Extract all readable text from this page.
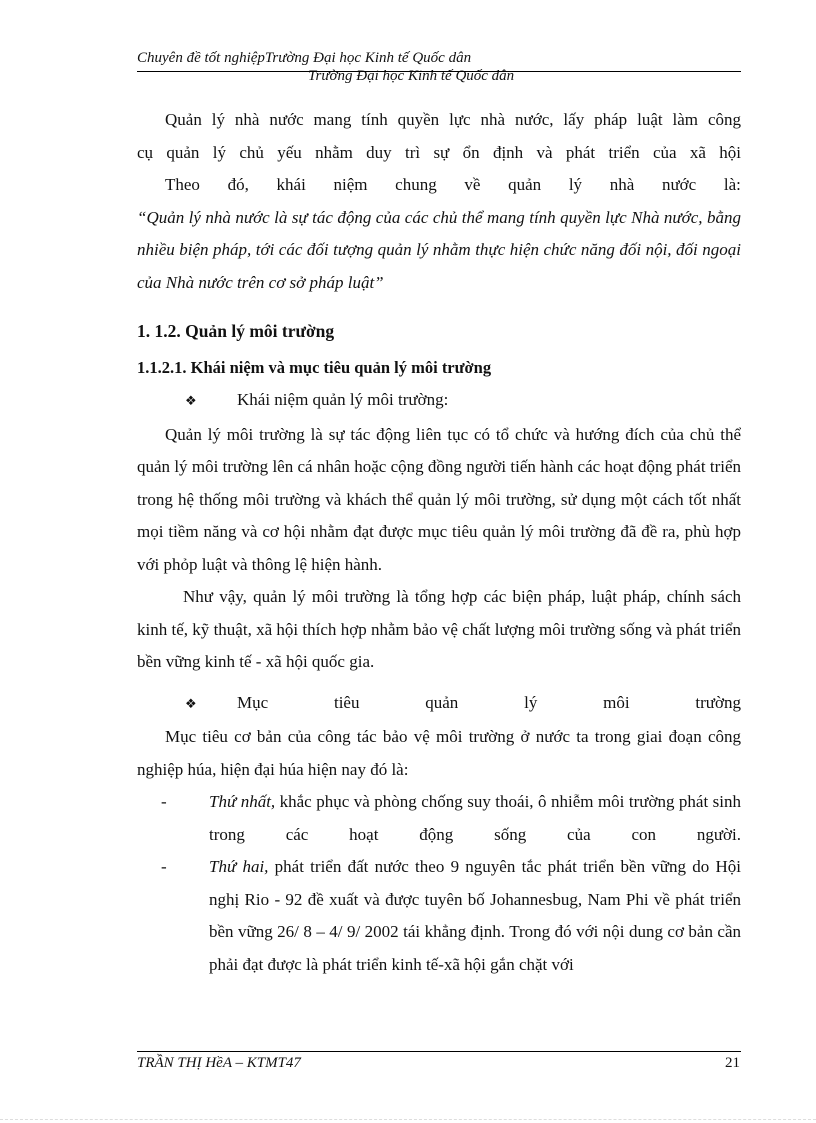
Chuyên đề tốt nghiệpTrường Đại học Kinh tế Quốc dân
Trường Đại học Kinh tế Quốc dân

Quản lý nhà nước mang tính quyền lực nhà nước, lấy pháp luật làm công

cụ quản lý chủ yếu nhằm duy trì sự ổn định và phát triển của xã hội

Theo đó, khái niệm chung về quản lý nhà nước là:

“Quản lý nhà nước là sự tác động của các chủ thể mang tính quyền lực Nhà nước, bằng nhiều biện pháp, tới các đối tượng quản lý nhằm thực hiện chức năng đối nội, đối ngoại của Nhà nước trên cơ sở pháp luật”

1. 1.2. Quản lý môi trường

1.1.2.1. Khái niệm và mục tiêu quản lý môi trường

❖	Khái niệm quản lý môi trường:

Quản lý môi trường là sự tác động liên tục có tổ chức và hướng đích của chủ thể quản lý môi trường lên cá nhân hoặc cộng đồng người tiến hành các hoạt động phát triển trong hệ thống môi trường và khách thể quản lý môi trường, sử dụng một cách tốt nhất mọi tiềm năng và cơ hội nhằm đạt được mục tiêu quản lý môi trường đã đề ra, phù hợp với phỏp luật và thông lệ hiện hành.

Như vậy, quản lý môi trường là tổng hợp các biện pháp, luật pháp, chính sách kinh tế, kỹ thuật, xã hội thích hợp nhằm bảo vệ chất lượng môi trường sống và phát triển bền vững kinh tế - xã hội quốc gia.

❖	Mục	tiêu	quản	lý	môi	trường

Mục tiêu cơ bản của công tác bảo vệ môi trường ở nước ta trong giai đoạn công nghiệp húa, hiện đại húa hiện nay đó là:

-	Thứ nhất, khắc phục và phòng chống suy thoái, ô nhiễm môi trường phát sinh trong các hoạt động sống của con người.
-	Thứ hai, phát triển đất nước theo 9 nguyên tắc phát triển bền vững do Hội nghị Rio - 92 đề xuất và được tuyên bố Johannesbug, Nam Phi về phát triển bền vững 26/ 8 – 4/ 9/ 2002 tái khẳng định. Trong đó với nội dung cơ bản cần phải đạt được là phát triển kinh tế-xã hội gắn chặt với
TRẦN THỊ HềA – KTMT47	21
